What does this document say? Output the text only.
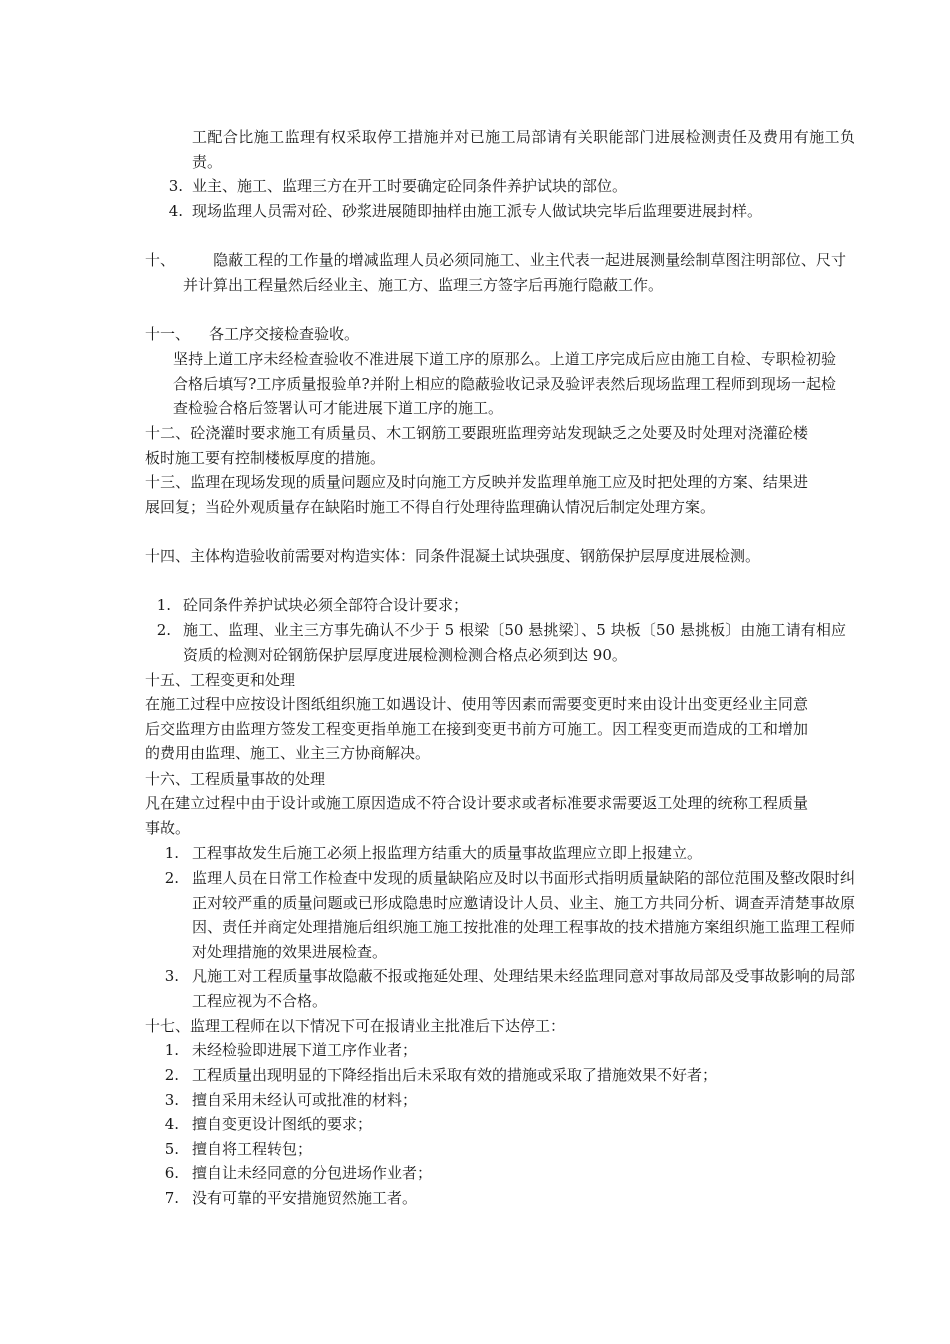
工配合比施工监理有权采取停工措施并对已施工局部请有关职能部门进展检测责任及费用有施工负责。

3. 业主、施工、监理三方在开工时要确定砼同条件养护试块的部位。

4. 现场监理人员需对砼、砂浆进展随即抽样由施工派专人做试块完毕后监理要进展封样。

十、	隐蔽工程的工作量的增减监理人员必须同施工、业主代表一起进展测量绘制草图注明部位、尺寸并计算出工程量然后经业主、施工方、监理三方签字后再施行隐蔽工作。

十一、 各工序交接检查验收。

坚持上道工序未经检查验收不准进展下道工序的原那么。上道工序完成后应由施工自检、专职检初验合格后填写?工序质量报验单?并附上相应的隐蔽验收记录及验评表然后现场监理工程师到现场一起检查检验合格后签署认可才能进展下道工序的施工。

十二、砼浇灌时要求施工有质量员、木工钢筋工要跟班监理旁站发现缺乏之处要及时处理对浇灌砼楼板时施工要有控制楼板厚度的措施。

十三、监理在现场发现的质量问题应及时向施工方反映并发监理单施工应及时把处理的方案、结果进展回复；当砼外观质量存在缺陷时施工不得自行处理待监理确认情况后制定处理方案。

十四、主体构造验收前需要对构造实体：同条件混凝土试块强度、钢筋保护层厚度进展检测。

1. 砼同条件养护试块必须全部符合设计要求；

2. 施工、监理、业主三方事先确认不少于 5 根梁〔50 悬挑梁〕、5 块板〔50 悬挑板〕由施工请有相应资质的检测对砼钢筋保护层厚度进展检测检测合格点必须到达 90。

十五、工程变更和处理

在施工过程中应按设计图纸组织施工如遇设计、使用等因素而需要变更时来由设计出变更经业主同意后交监理方由监理方签发工程变更指单施工在接到变更书前方可施工。因工程变更而造成的工和增加的费用由监理、施工、业主三方协商解决。

十六、工程质量事故的处理

凡在建立过程中由于设计或施工原因造成不符合设计要求或者标准要求需要返工处理的统称工程质量事故。

1. 工程事故发生后施工必须上报监理方结重大的质量事故监理应立即上报建立。

2. 监理人员在日常工作检查中发现的质量缺陷应及时以书面形式指明质量缺陷的部位范围及整改限时纠正对较严重的质量问题或已形成隐患时应邀请设计人员、业主、施工方共同分析、调查弄清楚事故原因、责任并商定处理措施后组织施工施工按批准的处理工程事故的技术措施方案组织施工监理工程师对处理措施的效果进展检查。

3. 凡施工对工程质量事故隐蔽不报或拖延处理、处理结果未经监理同意对事故局部及受事故影响的局部工程应视为不合格。

十七、监理工程师在以下情况下可在报请业主批准后下达停工：

1. 未经检验即进展下道工序作业者；

2. 工程质量出现明显的下降经指出后未采取有效的措施或采取了措施效果不好者；

3. 擅自采用未经认可或批准的材料；

4. 擅自变更设计图纸的要求；

5. 擅自将工程转包；

6. 擅自让未经同意的分包进场作业者；

7. 没有可靠的平安措施贸然施工者。
